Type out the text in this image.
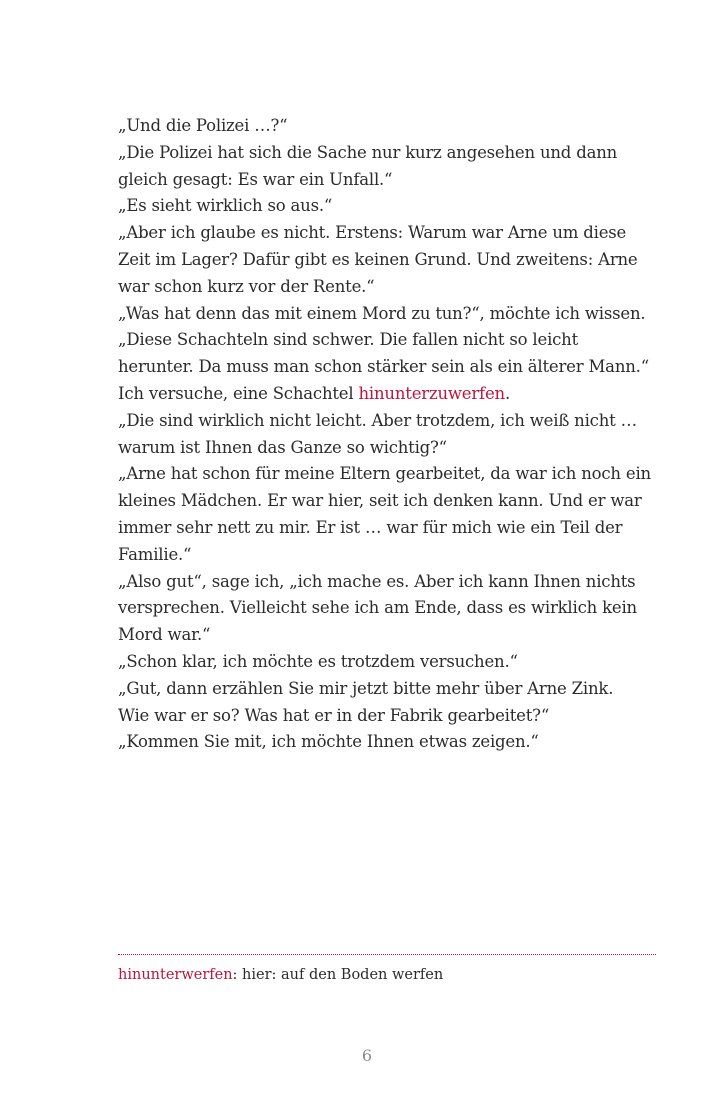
„Und die Polizei …?“
„Die Polizei hat sich die Sache nur kurz angesehen und dann
gleich gesagt: Es war ein Unfall.“
„Es sieht wirklich so aus.“
„Aber ich glaube es nicht. Erstens: Warum war Arne um diese
Zeit im Lager? Dafür gibt es keinen Grund. Und zweitens: Arne
war schon kurz vor der Rente.“
„Was hat denn das mit einem Mord zu tun?“, möchte ich wissen.
„Diese Schachteln sind schwer. Die fallen nicht so leicht
herunter. Da muss man schon stärker sein als ein älterer Mann.“
Ich versuche, eine Schachtel hinunterzuwerfen.
„Die sind wirklich nicht leicht. Aber trotzdem, ich weiß nicht …
warum ist Ihnen das Ganze so wichtig?“
„Arne hat schon für meine Eltern gearbeitet, da war ich noch ein
kleines Mädchen. Er war hier, seit ich denken kann. Und er war
immer sehr nett zu mir. Er ist … war für mich wie ein Teil der
Familie.“
„Also gut“, sage ich, „ich mache es. Aber ich kann Ihnen nichts
versprechen. Vielleicht sehe ich am Ende, dass es wirklich kein
Mord war.“
„Schon klar, ich möchte es trotzdem versuchen.“
„Gut, dann erzählen Sie mir jetzt bitte mehr über Arne Zink.
Wie war er so? Was hat er in der Fabrik gearbeitet?“
„Kommen Sie mit, ich möchte Ihnen etwas zeigen.“
hinunterwerfen: hier: auf den Boden werfen
6
